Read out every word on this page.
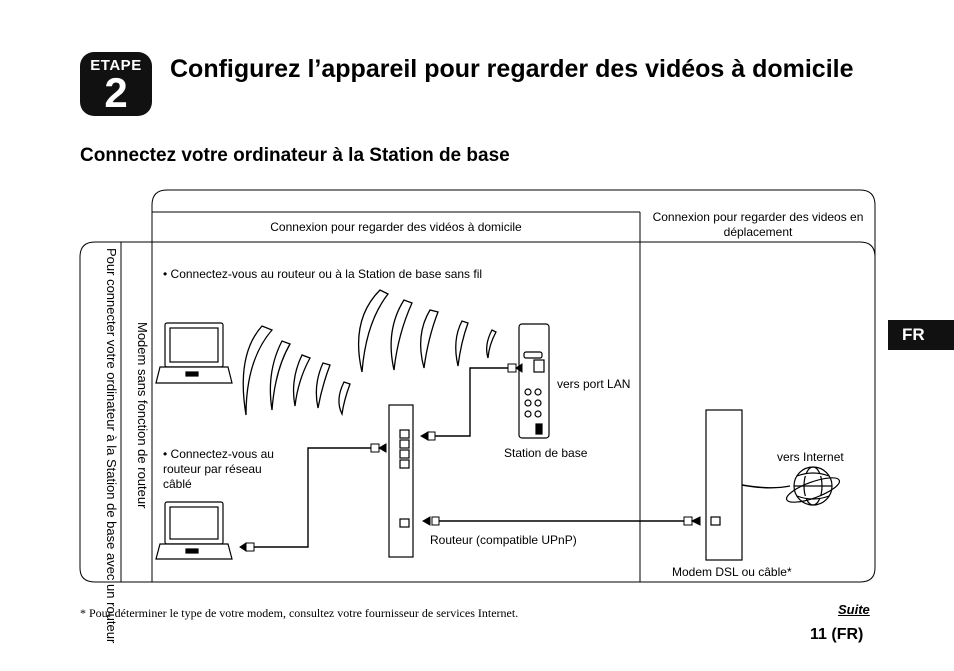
ETAPE
2	Configurez l’appareil pour regarder des vidéos à domicile
Connectez votre ordinateur à la Station de base
FR
Connexion pour regarder des vidéos à domicile
Connexion pour regarder des videos en déplacement
Pour connecter votre ordinateur à la Station de base avec un routeur	Modem sans fonction de routeur
• Connectez-vous au routeur ou à la Station de base sans fil
• Connectez-vous au routeur par réseau câblé
vers port LAN
Station de base
Routeur (compatible UPnP)
vers Internet
Modem DSL ou câble*
* Pour déterminer le type de votre modem, consultez votre fournisseur de services Internet.	Suite
11 (FR)
